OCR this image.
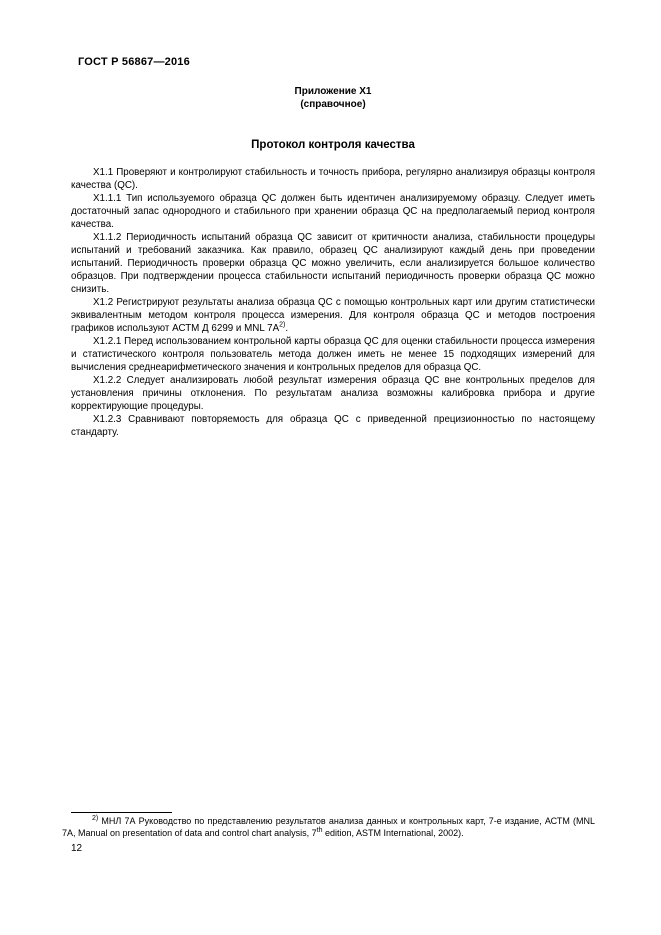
ГОСТ Р 56867—2016
Приложение Х1
(справочное)
Протокол контроля качества

Х1.1 Проверяют и контролируют стабильность и точность прибора, регулярно анализируя образцы контроля качества (QC).

Х1.1.1 Тип используемого образца QC должен быть идентичен анализируемому образцу. Следует иметь достаточный запас однородного и стабильного при хранении образца QC на предполагаемый период контроля качества.

Х1.1.2 Периодичность испытаний образца QC зависит от критичности анализа, стабильности процедуры испытаний и требований заказчика. Как правило, образец QC анализируют каждый день при проведении испытаний. Периодичность проверки образца QC можно увеличить, если анализируется большое количество образцов. При подтверждении процесса стабильности испытаний периодичность проверки образца QC можно снизить.

Х1.2 Регистрируют результаты анализа образца QC с помощью контрольных карт или другим статистически эквивалентным методом контроля процесса измерения. Для контроля образца QC и методов построения графиков используют АСТМ Д 6299 и MNL 7А$^{2)}$.

Х1.2.1 Перед использованием контрольной карты образца QC для оценки стабильности процесса измерения и статистического контроля пользователь метода должен иметь не менее 15 подходящих измерений для вычисления среднеарифметического значения и контрольных пределов для образца QC.

Х1.2.2 Следует анализировать любой результат измерения образца QC вне контрольных пределов для установления причины отклонения. По результатам анализа возможны калибровка прибора и другие корректирующие процедуры.

Х1.2.3 Сравнивают повторяемость для образца QC с приведенной прецизионностью по настоящему стандарту.

$^{2)}$ МНЛ 7А Руководство по представлению результатов анализа данных и контрольных карт, 7-е издание, АСТМ (MNL 7A, Manual on presentation of data and control chart analysis, 7th edition, ASTM International, 2002).

12
